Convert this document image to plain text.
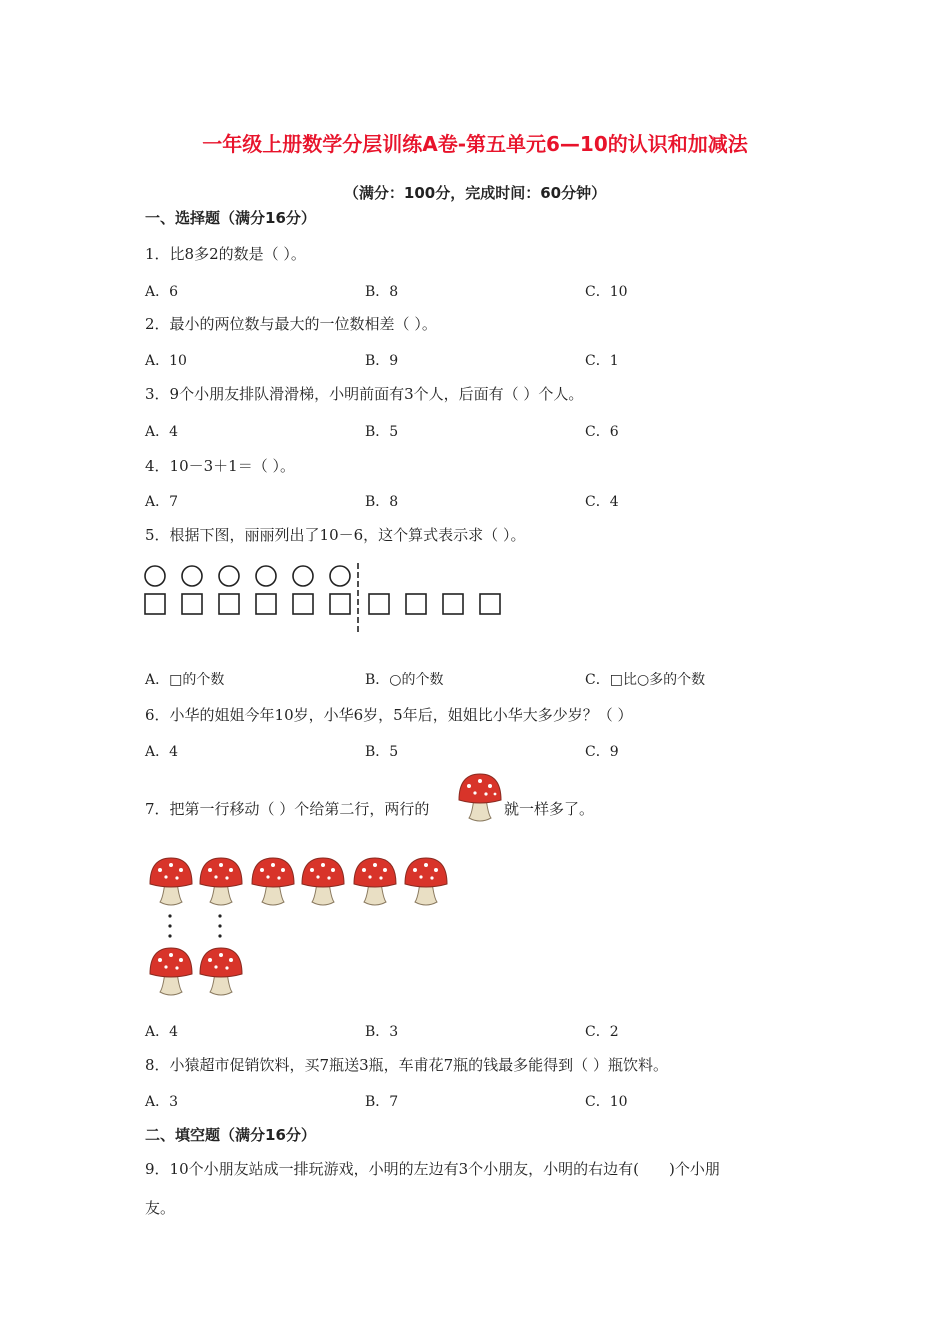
一年级上册数学分层训练A卷-第五单元6—10的认识和加减法
（满分：100分，完成时间：60分钟）
一、选择题（满分16分）
1．比8多2的数是（ ）。
A．6	B．8	C．10
2．最小的两位数与最大的一位数相差（ ）。
A．10	B．9	C．1
3．9个小朋友排队滑滑梯，小明前面有3个人，后面有（ ）个人。
A．4	B．5	C．6
4．10－3＋1＝（ ）。
A．7	B．8	C．4
5．根据下图，丽丽列出了10－6，这个算式表示求（ ）。
A．□的个数	B．○的个数	C．□比○多的个数
6．小华的姐姐今年10岁，小华6岁，5年后，姐姐比小华大多少岁？（ ）
A．4	B．5	C．9
7．把第一行移动（ ）个给第二行，两行的	就一样多了。
A．4	B．3	C．2
8．小猿超市促销饮料，买7瓶送3瓶，车甫花7瓶的钱最多能得到（ ）瓶饮料。
A．3	B．7	C．10
二、填空题（满分16分）
9．10个小朋友站成一排玩游戏，小明的左边有3个小朋友，小明的右边有(　　)个小朋
友。
